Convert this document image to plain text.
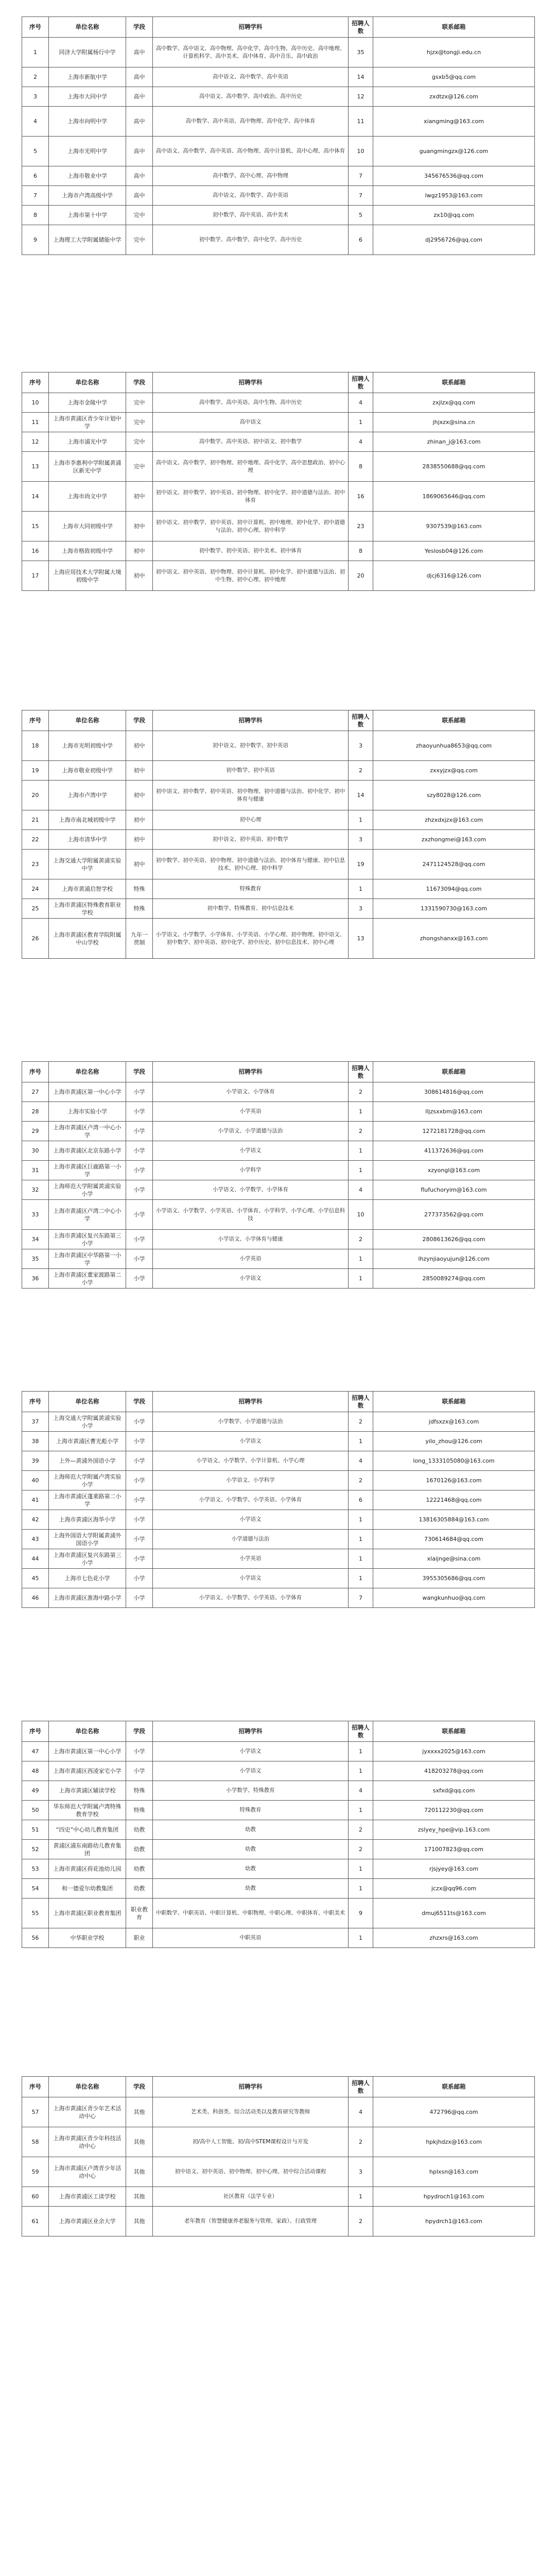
序号	单位名称	学段	招聘学科	招聘人数	联系邮箱
1	同济大学附属杨行中学	高中	高中数学、高中语文、高中物理、高中化学、高中生物、高中历史、高中地理、计算机科学、高中美术、高中体育、高中音乐、高中政治	35	hjzx@tongji.edu.cn
2	上海市新航中学	高中	高中语文、高中数学、高中英语	14	gsxb5@qq.com
3	上海市大同中学	高中	高中语文、高中数学、高中政治、高中历史	12	zxdtzx@126.com
4	上海市向明中学	高中	高中数学、高中英语、高中物理、高中化学、高中体育	11	xiangming@163.com
5	上海市光明中学	高中	高中语文、高中数学、高中英语、高中物理、高中计算机、高中心理、高中体育	10	guangmingzx@126.com
6	上海市敬业中学	高中	高中数学、高中心理、高中物理	7	345676536@qq.com
7	上海市卢湾高级中学	高中	高中语文、高中数学、高中英语	7	lwgz1953@163.com
8	上海市第十中学	完中	初中数学、高中英语、高中美术	5	zx10@qq.com
9	上海理工大学附属储能中学	完中	初中数学、高中数学、高中化学、高中历史	6	dj2956726@qq.com
序号	单位名称	学段	招聘学科	招聘人数	联系邮箱
10	上海市金陵中学	完中	高中数学、高中英语、高中生物、高中历史	4	zxjlzx@qq.com
11	上海市黄浦区青少年计划中学	完中	高中语文	1	jhjxzx@sina.cn
12	上海市浦光中学	完中	高中数学、高中英语、初中语文、初中数学	4	zhinan_j@163.com
13	上海市李惠利中学附属黄浦区新光中学	完中	高中语文、高中数学、初中物理、初中地理、高中化学、高中思想政治、初中心理	8	2838550688@qq.com
14	上海市尚文中学	初中	初中语文、初中数学、初中英语、初中物理、初中化学、初中道德与法治、初中体育	16	1869065646@qq.com
15	上海市大同初级中学	初中	初中语文、初中数学、初中英语、初中计算机、初中地理、初中化学、初中道德与法治、初中心理、初中科学	23	9307539@163.com
16	上海市格致初级中学	初中	初中数学、初中英语、初中美术、初中体育	8	Yeslosb04@126.com
17	上海应用技术大学附属大境初级中学	初中	初中语文、初中英语、初中物理、初中计算机、初中化学、初中道德与法治、初中生物、初中心理、初中地理	20	djcj6316@126.com
序号	单位名称	学段	招聘学科	招聘人数	联系邮箱
18	上海市光明初级中学	初中	初中语文、初中数学、初中英语	3	zhaoyunhua8653@qq.com
19	上海市敬业初级中学	初中	初中数学、初中英语	2	zxxyjzx@qq.com
20	上海市卢湾中学	初中	初中语文、初中数学、初中英语、初中物理、初中道德与法治、初中化学、初中体育与健康	14	szy8028@126.com
21	上海市南北城初级中学	初中	初中心理	1	zhzxdxjzx@163.com
22	上海市清华中学	初中	初中语文、初中英语、初中数学	3	zxzhongmei@163.com
23	上海交通大学附属黄浦实验中学	初中	初中数学、初中英语、初中物理、初中道德与法治、初中体育与健康、初中信息技术、初中心理、初中科学	19	2471124528@qq.com
24	上海市黄浦启智学校	特殊	特殊教育	1	11673094@qq.com
25	上海市黄浦区特殊教育职业学校	特殊	初中数学、特殊教育、初中信息技术	3	1331590730@163.com
26	上海市黄浦区教育学院附属中山学校	九年一贯制	小学语文、小学数学、小学体育、小学英语、小学心理、初中物理、初中语文、初中数学、初中英语、初中化学、初中历史、初中信息技术、初中心理	13	zhongshanxx@163.com
序号	单位名称	学段	招聘学科	招聘人数	联系邮箱
27	上海市黄浦区第一中心小学	小学	小学语文、小学体育	2	308614816@qq.com
28	上海市实验小学	小学	小学英语	1	lljzsxxbm@163.com
29	上海市黄浦区卢湾一中心小学	小学	小学语文、小学道德与法治	2	1272181728@qq.com
30	上海市黄浦区北京东路小学	小学	小学语文	1	411372636@qq.com
31	上海市黄浦区巨鹿路第一小学	小学	小学科学	1	xzyongl@163.com
32	上海师范大学附属黄浦实验小学	小学	小学语文、小学数学、小学体育	4	flufuchoryim@163.com
33	上海市黄浦区卢湾二中心小学	小学	小学语文、小学数学、小学英语、小学体育、小学科学、小学心理、小学信息科技	10	277373562@qq.com
34	上海市黄浦区复兴东路第三小学	小学	小学语文、小学体育与健康	2	2808613626@qq.com
35	上海市黄浦区中华路第一小学	小学	小学英语	1	lhzynjiaoyujun@126.com
36	上海市黄浦区董家渡路第二小学	小学	小学语文	1	2850089274@qq.com
序号	单位名称	学段	招聘学科	招聘人数	联系邮箱
37	上海交通大学附属黄浦实验小学	小学	小学数学、小学道德与法治	2	jdfsxzx@163.com
38	上海市黄浦区曹光彪小学	小学	小学语文	1	yilo_zhou@126.com
39	上外—黄浦外国语小学	小学	小学语文、小学数学、小学计算机、小学心理	4	long_1333105080@163.com
40	上海师范大学附属卢湾实验小学	小学	小学语文、小学科学	2	1670126@163.com
41	上海市黄浦区蓬莱路第二小学	小学	小学语文、小学数学、小学英语、小学体育	6	12221468@qq.com
42	上海市黄浦区海华小学	小学	小学语文	1	13816305884@163.com
43	上海外国语大学附属黄浦外国语小学	小学	小学道德与法治	1	730614684@qq.com
44	上海市黄浦区复兴东路第三小学	小学	小学英语	1	xlaijnge@sina.com
45	上海市七色花小学	小学	小学语文	1	3955305686@qq.com
46	上海市黄浦区淮海中路小学	小学	小学语文、小学数学、小学英语、小学体育	7	wangkunhuo@qq.com
序号	单位名称	学段	招聘学科	招聘人数	联系邮箱
47	上海市黄浦区第一中心小学	小学	小学语文	1	jyxxxx2025@163.com
48	上海市黄浦区西凌家宅小学	小学	小学语文	1	418203278@qq.com
49	上海市黄浦区辅读学校	特殊	小学数学、特殊教育	4	sxfxd@qq.com
50	华东师范大学附属卢湾特殊教育学校	特殊	特殊教育	1	720112230@qq.com
51	“四史”中心幼儿教育集团	幼教	幼教	2	zslyey_hpe@vip.163.com
52	黄浦区浦东南路幼儿教育集团	幼教	幼教	2	171007823@qq.com
53	上海市黄浦区荷花池幼儿园	幼教	幼教	1	rjsjyey@163.com
54	和一德爱尔幼教集团	幼教	幼教	1	jczx@qq96.com
55	上海市黄浦区职业教育集团	职业教育	中职数学、中职英语、中职计算机、中职物理、中职心理、中职体育、中职美术	9	dmuj6511ts@163.com
56	中华职业学校	职业	中职英语	1	zhzxrs@163.com
序号	单位名称	学段	招聘学科	招聘人数	联系邮箱
57	上海市黄浦区青少年艺术活动中心	其他	艺术类、科创类、综合活动类以及教育研究等教师	4	472796@qq.com
58	上海市黄浦区青少年科技活动中心	其他	初/高中人工智能、初/高中STEM课程设计与开发	2	hpkjhdzx@163.com
59	上海市黄浦区卢湾青少年活动中心	其他	初中语文、初中英语、初中物理、初中心理、初中综合活动课程	3	hplxsn@163.com
60	上海市黄浦区工读学校	其他	社区教育（法学专业）	1	hpydroch1@163.com
61	上海市黄浦区业余大学	其他	老年教育（智慧健康养老服务与管理、家政）、行政管理	2	hpydrch1@163.com
